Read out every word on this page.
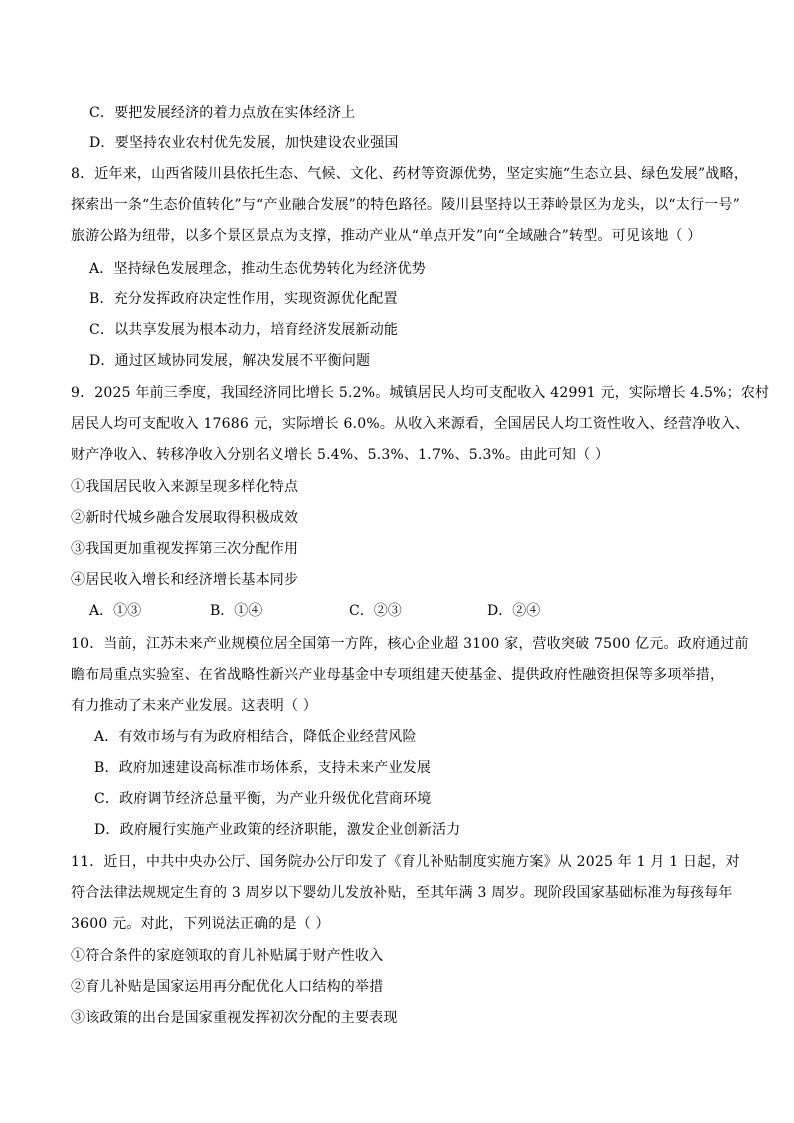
C．要把发展经济的着力点放在实体经济上
D．要坚持农业农村优先发展，加快建设农业强国
8．近年来，山西省陵川县依托生态、气候、文化、药材等资源优势，坚定实施“生态立县、绿色发展”战略，
探索出一条“生态价值转化”与“产业融合发展”的特色路径。陵川县坚持以王莽岭景区为龙头，以“太行一号”
旅游公路为纽带，以多个景区景点为支撑，推动产业从“单点开发”向“全域融合”转型。可见该地（ ）
A．坚持绿色发展理念，推动生态优势转化为经济优势
B．充分发挥政府决定性作用，实现资源优化配置
C．以共享发展为根本动力，培育经济发展新动能
D．通过区域协同发展，解决发展不平衡问题
9．2025 年前三季度，我国经济同比增长 5.2%。城镇居民人均可支配收入 42991 元，实际增长 4.5%；农村
居民人均可支配收入 17686 元，实际增长 6.0%。从收入来源看，全国居民人均工资性收入、经营净收入、
财产净收入、转移净收入分别名义增长 5.4%、5.3%、1.7%、5.3%。由此可知（ ）
①我国居民收入来源呈现多样化特点
②新时代城乡融合发展取得积极成效
③我国更加重视发挥第三次分配作用
④居民收入增长和经济增长基本同步
A．①③	B．①④	C．②③	D．②④
10．当前，江苏未来产业规模位居全国第一方阵，核心企业超 3100 家，营收突破 7500 亿元。政府通过前
瞻布局重点实验室、在省战略性新兴产业母基金中专项组建天使基金、提供政府性融资担保等多项举措，
有力推动了未来产业发展。这表明（ ）
A．有效市场与有为政府相结合，降低企业经营风险
B．政府加速建设高标准市场体系，支持未来产业发展
C．政府调节经济总量平衡，为产业升级优化营商环境
D．政府履行实施产业政策的经济职能，激发企业创新活力
11．近日，中共中央办公厅、国务院办公厅印发了《育儿补贴制度实施方案》从 2025 年 1 月 1 日起，对
符合法律法规规定生育的 3 周岁以下婴幼儿发放补贴，至其年满 3 周岁。现阶段国家基础标准为每孩每年
3600 元。对此，下列说法正确的是（ ）
①符合条件的家庭领取的育儿补贴属于财产性收入
②育儿补贴是国家运用再分配优化人口结构的举措
③该政策的出台是国家重视发挥初次分配的主要表现
